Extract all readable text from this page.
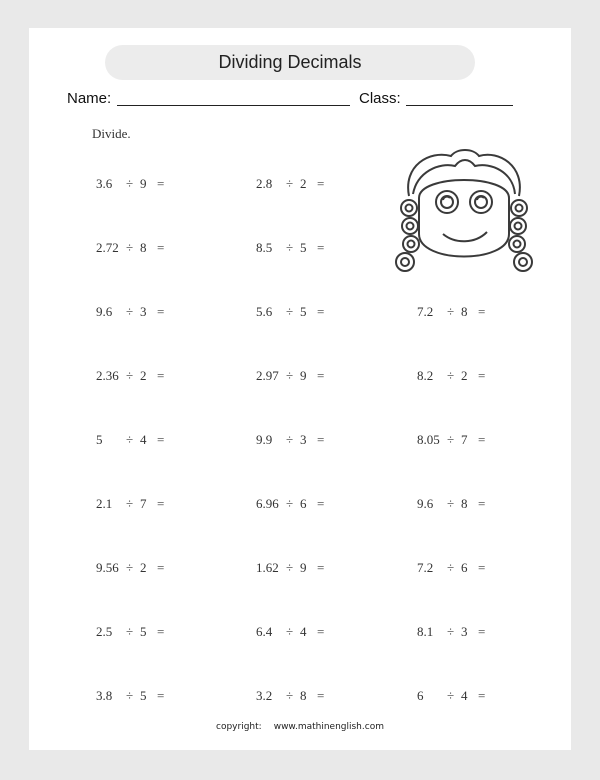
Dividing Decimals
Name:	Class:
Divide.
3.6 ÷ 9 =	2.8 ÷ 2 =
2.72 ÷ 8 =	8.5 ÷ 5 =
9.6 ÷ 3 =	5.6 ÷ 5 =	7.2 ÷ 8 =
2.36 ÷ 2 =	2.97 ÷ 9 =	8.2 ÷ 2 =
5 ÷ 4 =	9.9 ÷ 3 =	8.05 ÷ 7 =
2.1 ÷ 7 =	6.96 ÷ 6 =	9.6 ÷ 8 =
9.56 ÷ 2 =	1.62 ÷ 9 =	7.2 ÷ 6 =
2.5 ÷ 5 =	6.4 ÷ 4 =	8.1 ÷ 3 =
3.8 ÷ 5 =	3.2 ÷ 8 =	6 ÷ 4 =
copyright: www.mathinenglish.com
